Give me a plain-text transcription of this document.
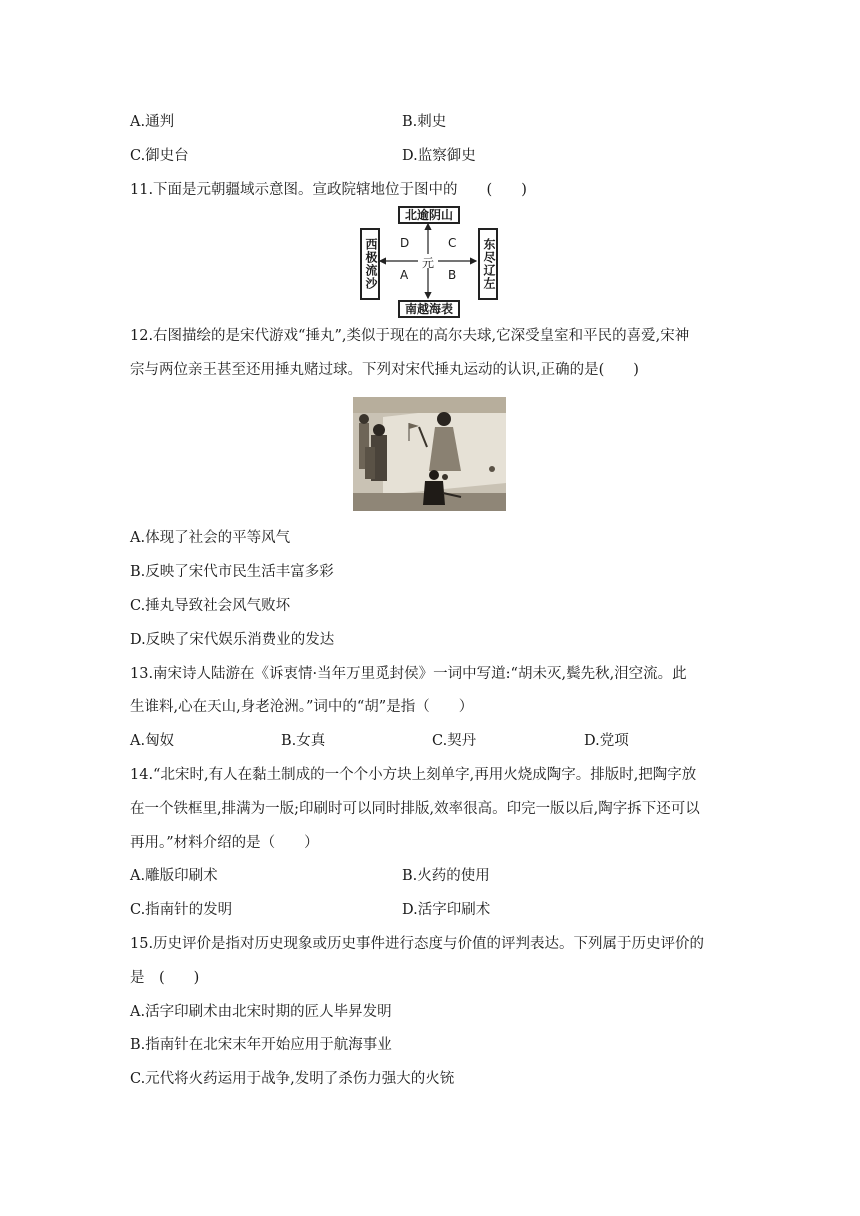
A.通判	B.刺史
C.御史台	D.监察御史
11.下面是元朝疆域示意图。宣政院辖地位于图中的　　(　　)
北逾阴山
南越海表
西极流沙	东尽辽左
元
D	C
A	B
12.右图描绘的是宋代游戏“捶丸”,类似于现在的高尔夫球,它深受皇室和平民的喜爱,宋神
宗与两位亲王甚至还用捶丸赌过球。下列对宋代捶丸运动的认识,正确的是(　　)
A.体现了社会的平等风气
B.反映了宋代市民生活丰富多彩
C.捶丸导致社会风气败坏
D.反映了宋代娱乐消费业的发达
13.南宋诗人陆游在《诉衷情·当年万里觅封侯》一词中写道:“胡未灭,鬓先秋,泪空流。此
生谁料,心在天山,身老沧洲。”词中的“胡”是指（　　）
A.匈奴	B.女真	C.契丹	D.党项
14.“北宋时,有人在黏土制成的一个个小方块上刻单字,再用火烧成陶字。排版时,把陶字放
在一个铁框里,排满为一版;印刷时可以同时排版,效率很高。印完一版以后,陶字拆下还可以
再用。”材料介绍的是（　　）
A.雕版印刷术	B.火药的使用
C.指南针的发明	D.活字印刷术
15.历史评价是指对历史现象或历史事件进行态度与价值的评判表达。下列属于历史评价的
是　(　　)
A.活字印刷术由北宋时期的匠人毕昇发明
B.指南针在北宋末年开始应用于航海事业
C.元代将火药运用于战争,发明了杀伤力强大的火铳
